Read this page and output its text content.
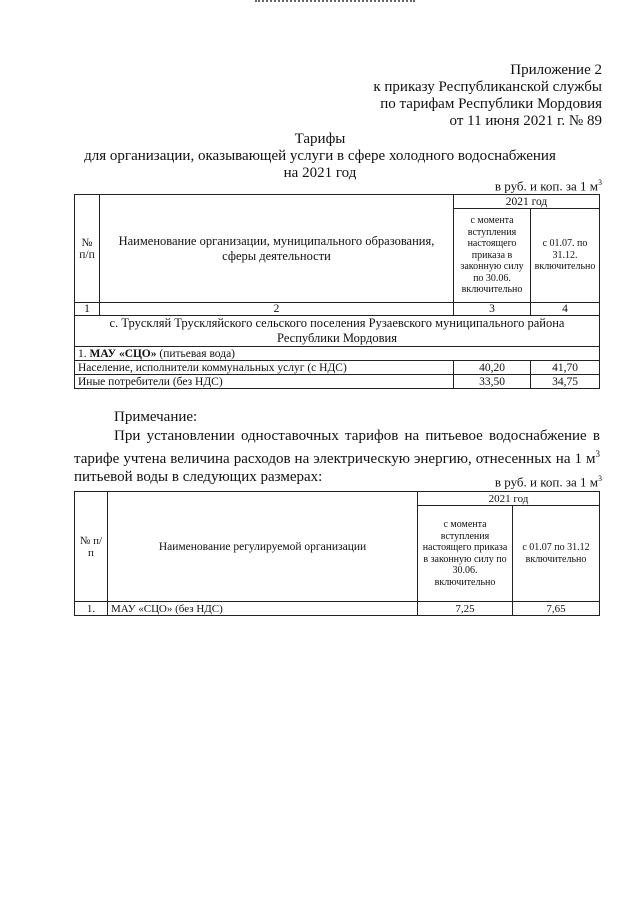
Приложение 2
к приказу Республиканской службы
по тарифам Республики Мордовия
от 11 июня 2021 г. № 89
Тарифы
для организации, оказывающей услуги в сфере холодного водоснабжения
на 2021 год
в руб. и коп. за 1 $м^3$
№ п/п	Наименование организации, муниципального образования, сферы деятельности	2021 год	
		с момента вступления настоящего приказа в законную силу по 30.06. включительно	с 01.07. по 31.12. включительно
1	2	3	4
с. Трускляй Трускляйского сельского поселения Рузаевского муниципального района Республики Мордовия			
1. МАУ «СЦО» (питьевая вода)			
Население, исполнители коммунальных услуг (с НДС)		40,20	41,70
Иные потребители (без НДС)		33,50	34,75
Примечание:
При установлении одноставочных тарифов на питьевое водоснабжение в тарифе учтена величина расходов на электрическую энергию, отнесенных на 1 $м^3$ питьевой воды в следующих размерах:	в руб. и коп. за 1 $м^3$
№ п/п	Наименование регулируемой организации	2021 год	
		с момента вступления настоящего приказа в законную силу по 30.06. включительно	с 01.07 по 31.12 включительно
1.	МАУ «СЦО» (без НДС)	7,25	7,65
